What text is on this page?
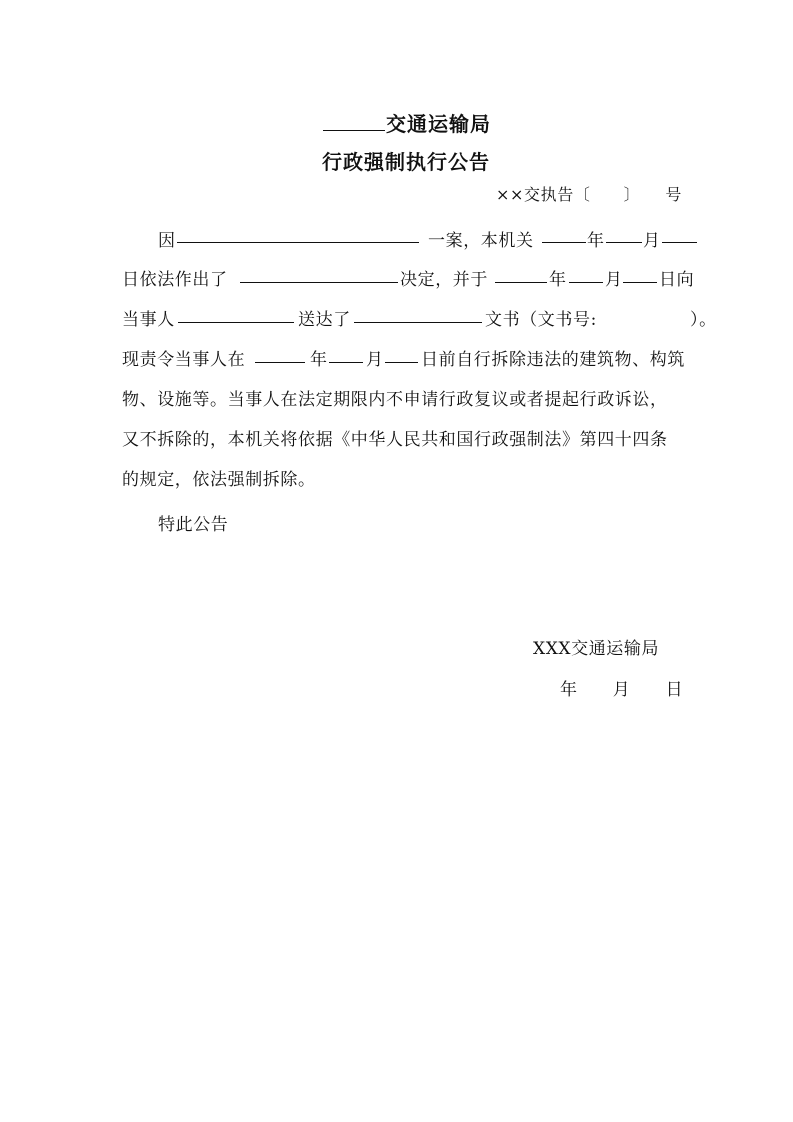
交通运输局
行政强制执行公告
××交执告〔　　〕　　号
因	一案，本机关	年 月
日依法作出了	决定，并于	年 月 日向
当事人	送达了	文书（文书号:	）。
现责令当事人在	年 月 日前自行拆除违法的建筑物、构筑
物、设施等。当事人在法定期限内不申请行政复议或者提起行政诉讼，
又不拆除的，本机关将依据《中华人民共和国行政强制法》第四十四条
的规定，依法强制拆除。
特此公告
XXX交通运输局
年　　月　　日
